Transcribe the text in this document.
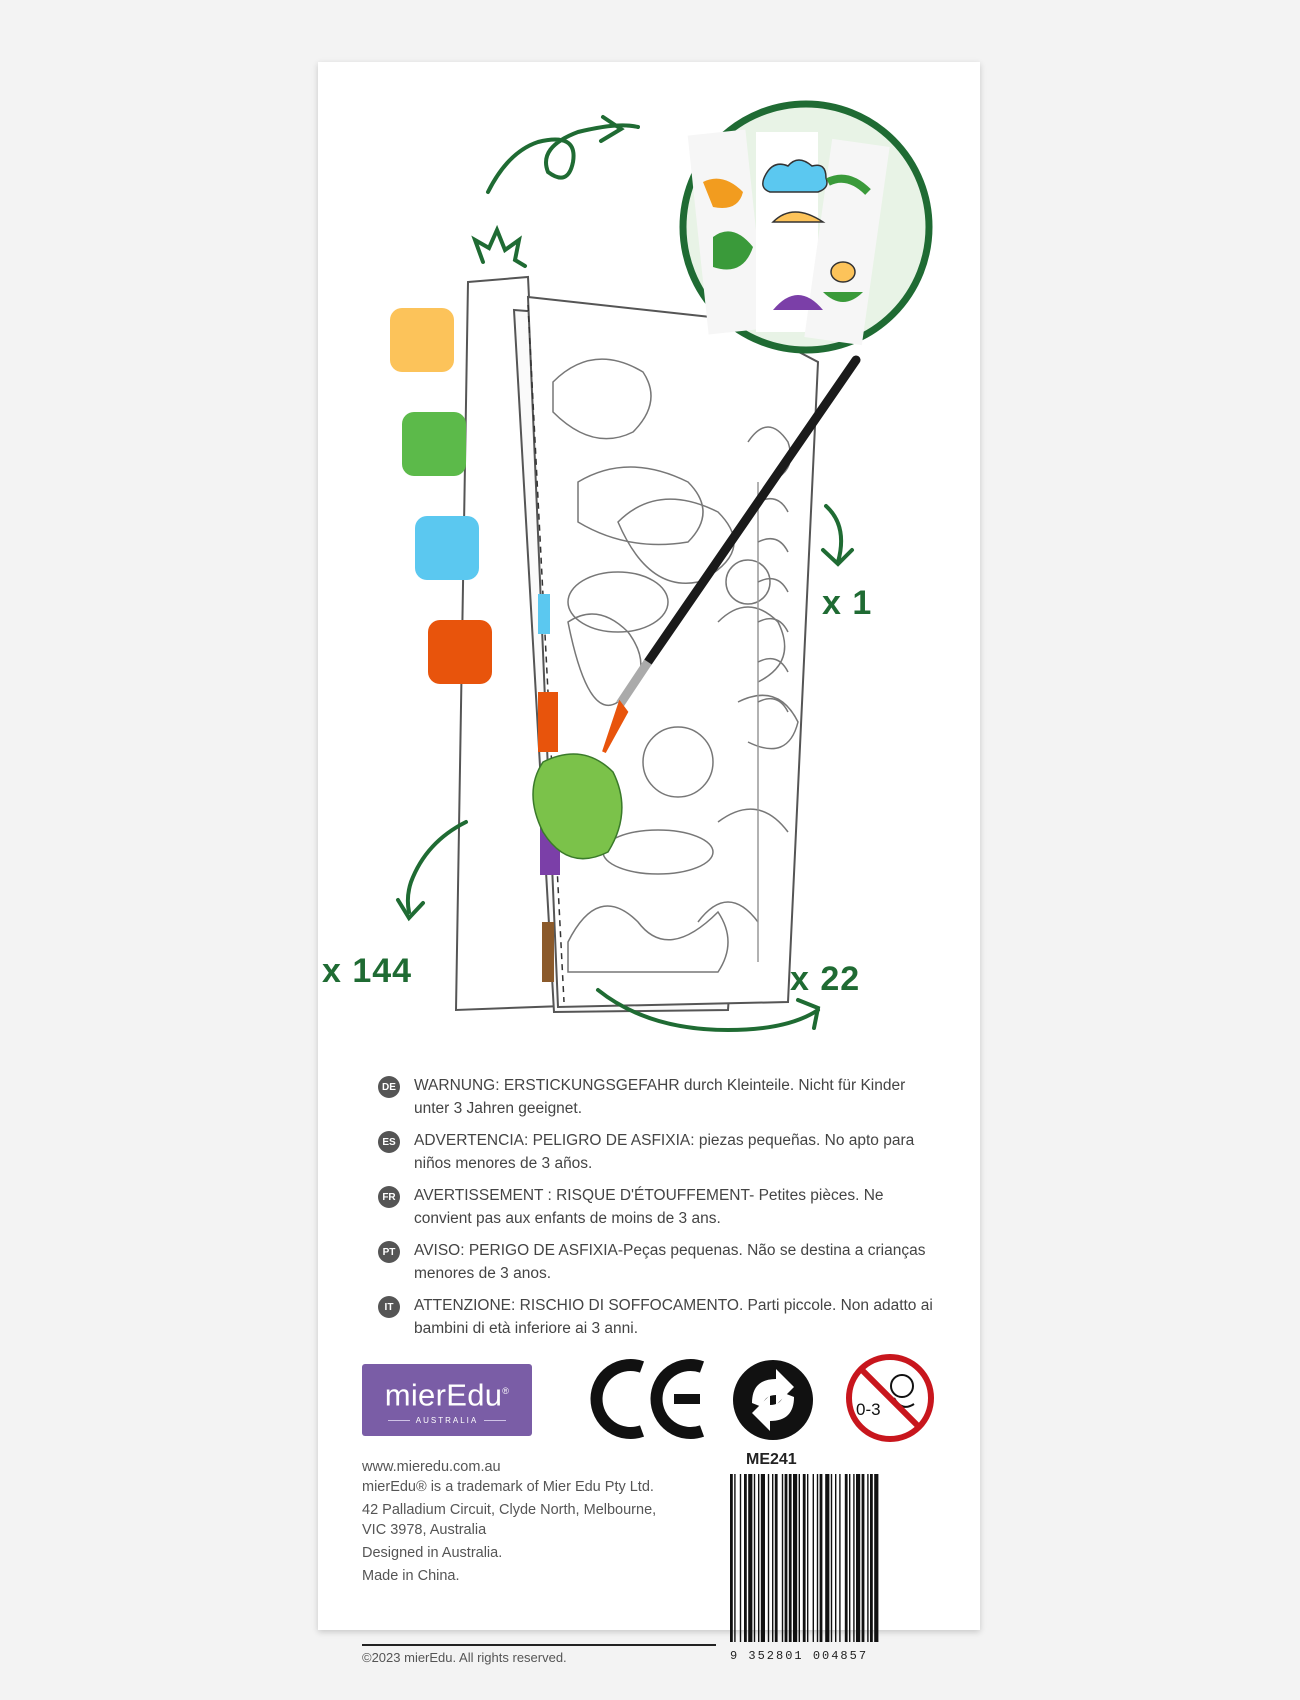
x 1
x 144	x 22
DE WARNUNG: ERSTICKUNGSGEFAHR durch Kleinteile. Nicht für Kinder unter 3 Jahren geeignet.
ES ADVERTENCIA: PELIGRO DE ASFIXIA: piezas pequeñas. No apto para niños menores de 3 años.
FR AVERTISSEMENT : RISQUE D'ÉTOUFFEMENT- Petites pièces. Ne convient pas aux enfants de moins de 3 ans.
PT AVISO: PERIGO DE ASFIXIA-Peças pequenas. Não se destina a crianças menores de 3 anos.
IT	ATTENZIONE: RISCHIO DI SOFFOCAMENTO. Parti piccole. Non adatto ai bambini di età inferiore ai 3 anni.
mierEdu®
AUSTRALIA
0-3
ME241
www.mieredu.com.au
mierEdu® is a trademark of Mier Edu Pty Ltd.
42 Palladium Circuit, Clyde North, Melbourne,
VIC 3978, Australia
Designed in Australia.
Made in China.
©2023 mierEdu. All rights reserved.	9 352801 004857
